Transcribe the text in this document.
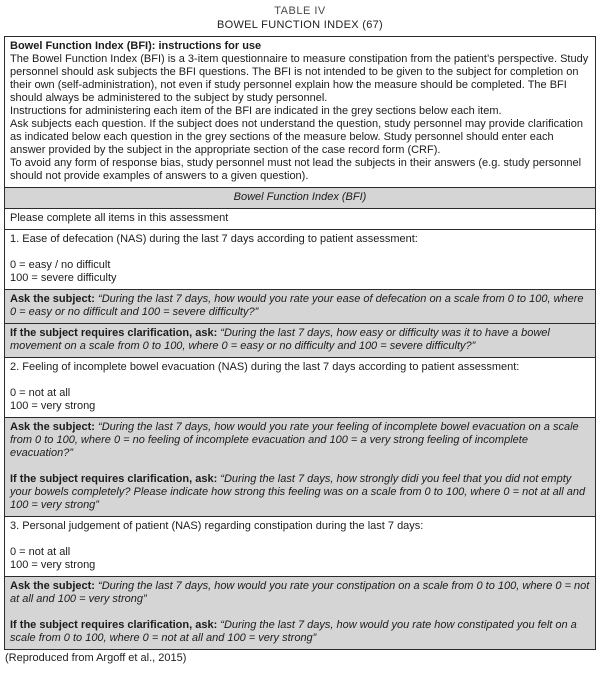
TABLE IV
BOWEL FUNCTION INDEX (67)
Bowel Function Index (BFI): instructions for use
The Bowel Function Index (BFI) is a 3-item questionnaire to measure constipation from the patient’s perspective. Study personnel should ask subjects the BFI questions. The BFI is not intended to be given to the subject for completion on their own (self-administration), not even if study personnel explain how the measure should be completed. The BFI should always be administered to the subject by study personnel.
Instructions for administering each item of the BFI are indicated in the grey sections below each item.
Ask subjects each question. If the subject does not understand the question, study personnel may provide clarification as indicated below each question in the grey sections of the measure below. Study personnel should enter each answer provided by the subject in the appropriate section of the case record form (CRF).
To avoid any form of response bias, study personnel must not lead the subjects in their answers (e.g. study personnel should not provide examples of answers to a given question).
Bowel Function Index (BFI)
Please complete all items in this assessment
1. Ease of defecation (NAS) during the last 7 days according to patient assessment:
0 = easy / no difficult
100 = severe difficulty
Ask the subject: “During the last 7 days, how would you rate your ease of defecation on a scale from 0 to 100, where 0 = easy or no difficult and 100 = severe difficulty?”
If the subject requires clarification, ask: “During the last 7 days, how easy or difficulty was it to have a bowel movement on a scale from 0 to 100, where 0 = easy or no difficulty and 100 = severe difficulty?”
2. Feeling of incomplete bowel evacuation (NAS) during the last 7 days according to patient assessment:
0 = not at all
100 = very strong
Ask the subject: “During the last 7 days, how would you rate your feeling of incomplete bowel evacuation on a scale from 0 to 100, where 0 = no feeling of incomplete evacuation and 100 = a very strong feeling of incomplete evacuation?”
If the subject requires clarification, ask: “During the last 7 days, how strongly didi you feel that you did not empty your bowels completely? Please indicate how strong this feeling was on a scale from 0 to 100, where 0 = not at all and 100 = very strong”
3. Personal judgement of patient (NAS) regarding constipation during the last 7 days:
0 = not at all
100 = very strong
Ask the subject: “During the last 7 days, how would you rate your constipation on a scale from 0 to 100, where 0 = not at all and 100 = very strong”
If the subject requires clarification, ask: “During the last 7 days, how would you rate how constipated you felt on a scale from 0 to 100, where 0 = not at all and 100 = very strong”
(Reproduced from Argoff et al., 2015)
